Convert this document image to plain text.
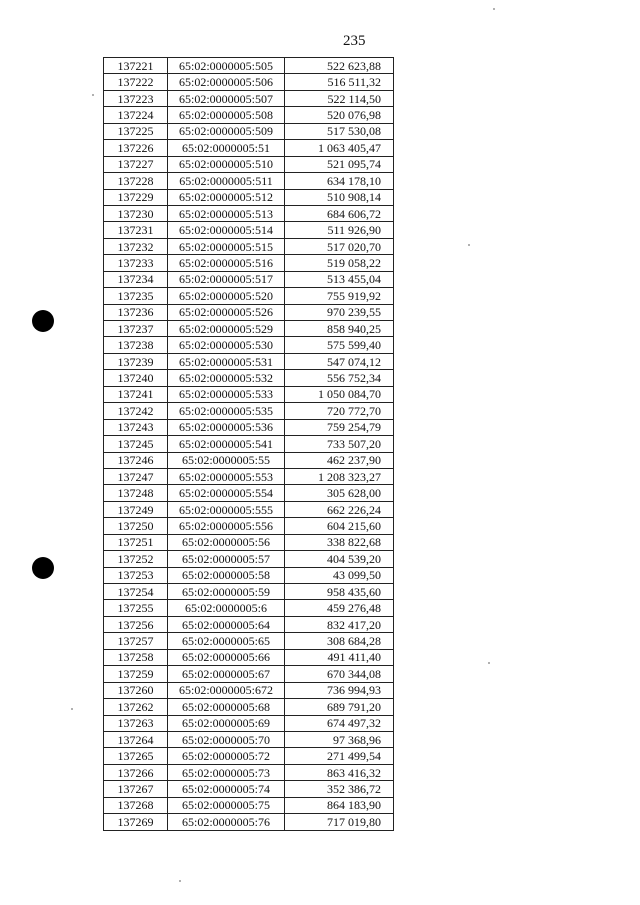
235
137221	65:02:0000005:505	522 623,88
137222	65:02:0000005:506	516 511,32
137223	65:02:0000005:507	522 114,50
137224	65:02:0000005:508	520 076,98
137225	65:02:0000005:509	517 530,08
137226	65:02:0000005:51	1 063 405,47
137227	65:02:0000005:510	521 095,74
137228	65:02:0000005:511	634 178,10
137229	65:02:0000005:512	510 908,14
137230	65:02:0000005:513	684 606,72
137231	65:02:0000005:514	511 926,90
137232	65:02:0000005:515	517 020,70
137233	65:02:0000005:516	519 058,22
137234	65:02:0000005:517	513 455,04
137235	65:02:0000005:520	755 919,92
137236	65:02:0000005:526	970 239,55
137237	65:02:0000005:529	858 940,25
137238	65:02:0000005:530	575 599,40
137239	65:02:0000005:531	547 074,12
137240	65:02:0000005:532	556 752,34
137241	65:02:0000005:533	1 050 084,70
137242	65:02:0000005:535	720 772,70
137243	65:02:0000005:536	759 254,79
137245	65:02:0000005:541	733 507,20
137246	65:02:0000005:55	462 237,90
137247	65:02:0000005:553	1 208 323,27
137248	65:02:0000005:554	305 628,00
137249	65:02:0000005:555	662 226,24
137250	65:02:0000005:556	604 215,60
137251	65:02:0000005:56	338 822,68
137252	65:02:0000005:57	404 539,20
137253	65:02:0000005:58	43 099,50
137254	65:02:0000005:59	958 435,60
137255	65:02:0000005:6	459 276,48
137256	65:02:0000005:64	832 417,20
137257	65:02:0000005:65	308 684,28
137258	65:02:0000005:66	491 411,40
137259	65:02:0000005:67	670 344,08
137260	65:02:0000005:672	736 994,93
137262	65:02:0000005:68	689 791,20
137263	65:02:0000005:69	674 497,32
137264	65:02:0000005:70	97 368,96
137265	65:02:0000005:72	271 499,54
137266	65:02:0000005:73	863 416,32
137267	65:02:0000005:74	352 386,72
137268	65:02:0000005:75	864 183,90
137269	65:02:0000005:76	717 019,80
